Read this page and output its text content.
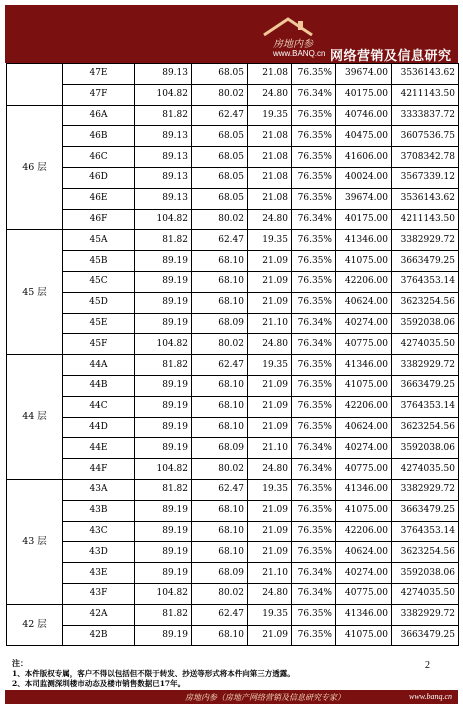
房地内参
www.BANQ.cn 网络营销及信息研究专家
	47E	89.13	68.05	21.08	76.35%	39674.00	3536143.62
	47F	104.82	80.02	24.80	76.34%	40175.00	4211143.50
46 层	46A	81.82	62.47	19.35	76.35%	40746.00	3333837.72
	46B	89.13	68.05	21.08	76.35%	40475.00	3607536.75
	46C	89.13	68.05	21.08	76.35%	41606.00	3708342.78
	46D	89.13	68.05	21.08	76.35%	40024.00	3567339.12
	46E	89.13	68.05	21.08	76.35%	39674.00	3536143.62
	46F	104.82	80.02	24.80	76.34%	40175.00	4211143.50
45 层	45A	81.82	62.47	19.35	76.35%	41346.00	3382929.72
	45B	89.19	68.10	21.09	76.35%	41075.00	3663479.25
	45C	89.19	68.10	21.09	76.35%	42206.00	3764353.14
	45D	89.19	68.10	21.09	76.35%	40624.00	3623254.56
	45E	89.19	68.09	21.10	76.34%	40274.00	3592038.06
	45F	104.82	80.02	24.80	76.34%	40775.00	4274035.50
44 层	44A	81.82	62.47	19.35	76.35%	41346.00	3382929.72
	44B	89.19	68.10	21.09	76.35%	41075.00	3663479.25
	44C	89.19	68.10	21.09	76.35%	42206.00	3764353.14
	44D	89.19	68.10	21.09	76.35%	40624.00	3623254.56
	44E	89.19	68.09	21.10	76.34%	40274.00	3592038.06
	44F	104.82	80.02	24.80	76.34%	40775.00	4274035.50
43 层	43A	81.82	62.47	19.35	76.35%	41346.00	3382929.72
	43B	89.19	68.10	21.09	76.35%	41075.00	3663479.25
	43C	89.19	68.10	21.09	76.35%	42206.00	3764353.14
	43D	89.19	68.10	21.09	76.35%	40624.00	3623254.56
	43E	89.19	68.09	21.10	76.34%	40274.00	3592038.06
	43F	104.82	80.02	24.80	76.34%	40775.00	4274035.50
42 层	42A	81.82	62.47	19.35	76.35%	41346.00	3382929.72
	42B	89.19	68.10	21.09	76.35%	41075.00	3663479.25
注：
1、本件版权专属，客户不得以包括但不限于转发、抄送等形式将本件向第三方透露。
2、本司监测深圳楼市动态及楼市销售数据已17年。
2
房地内参（房地产网络营销及信息研究专家）	www.banq.cn
